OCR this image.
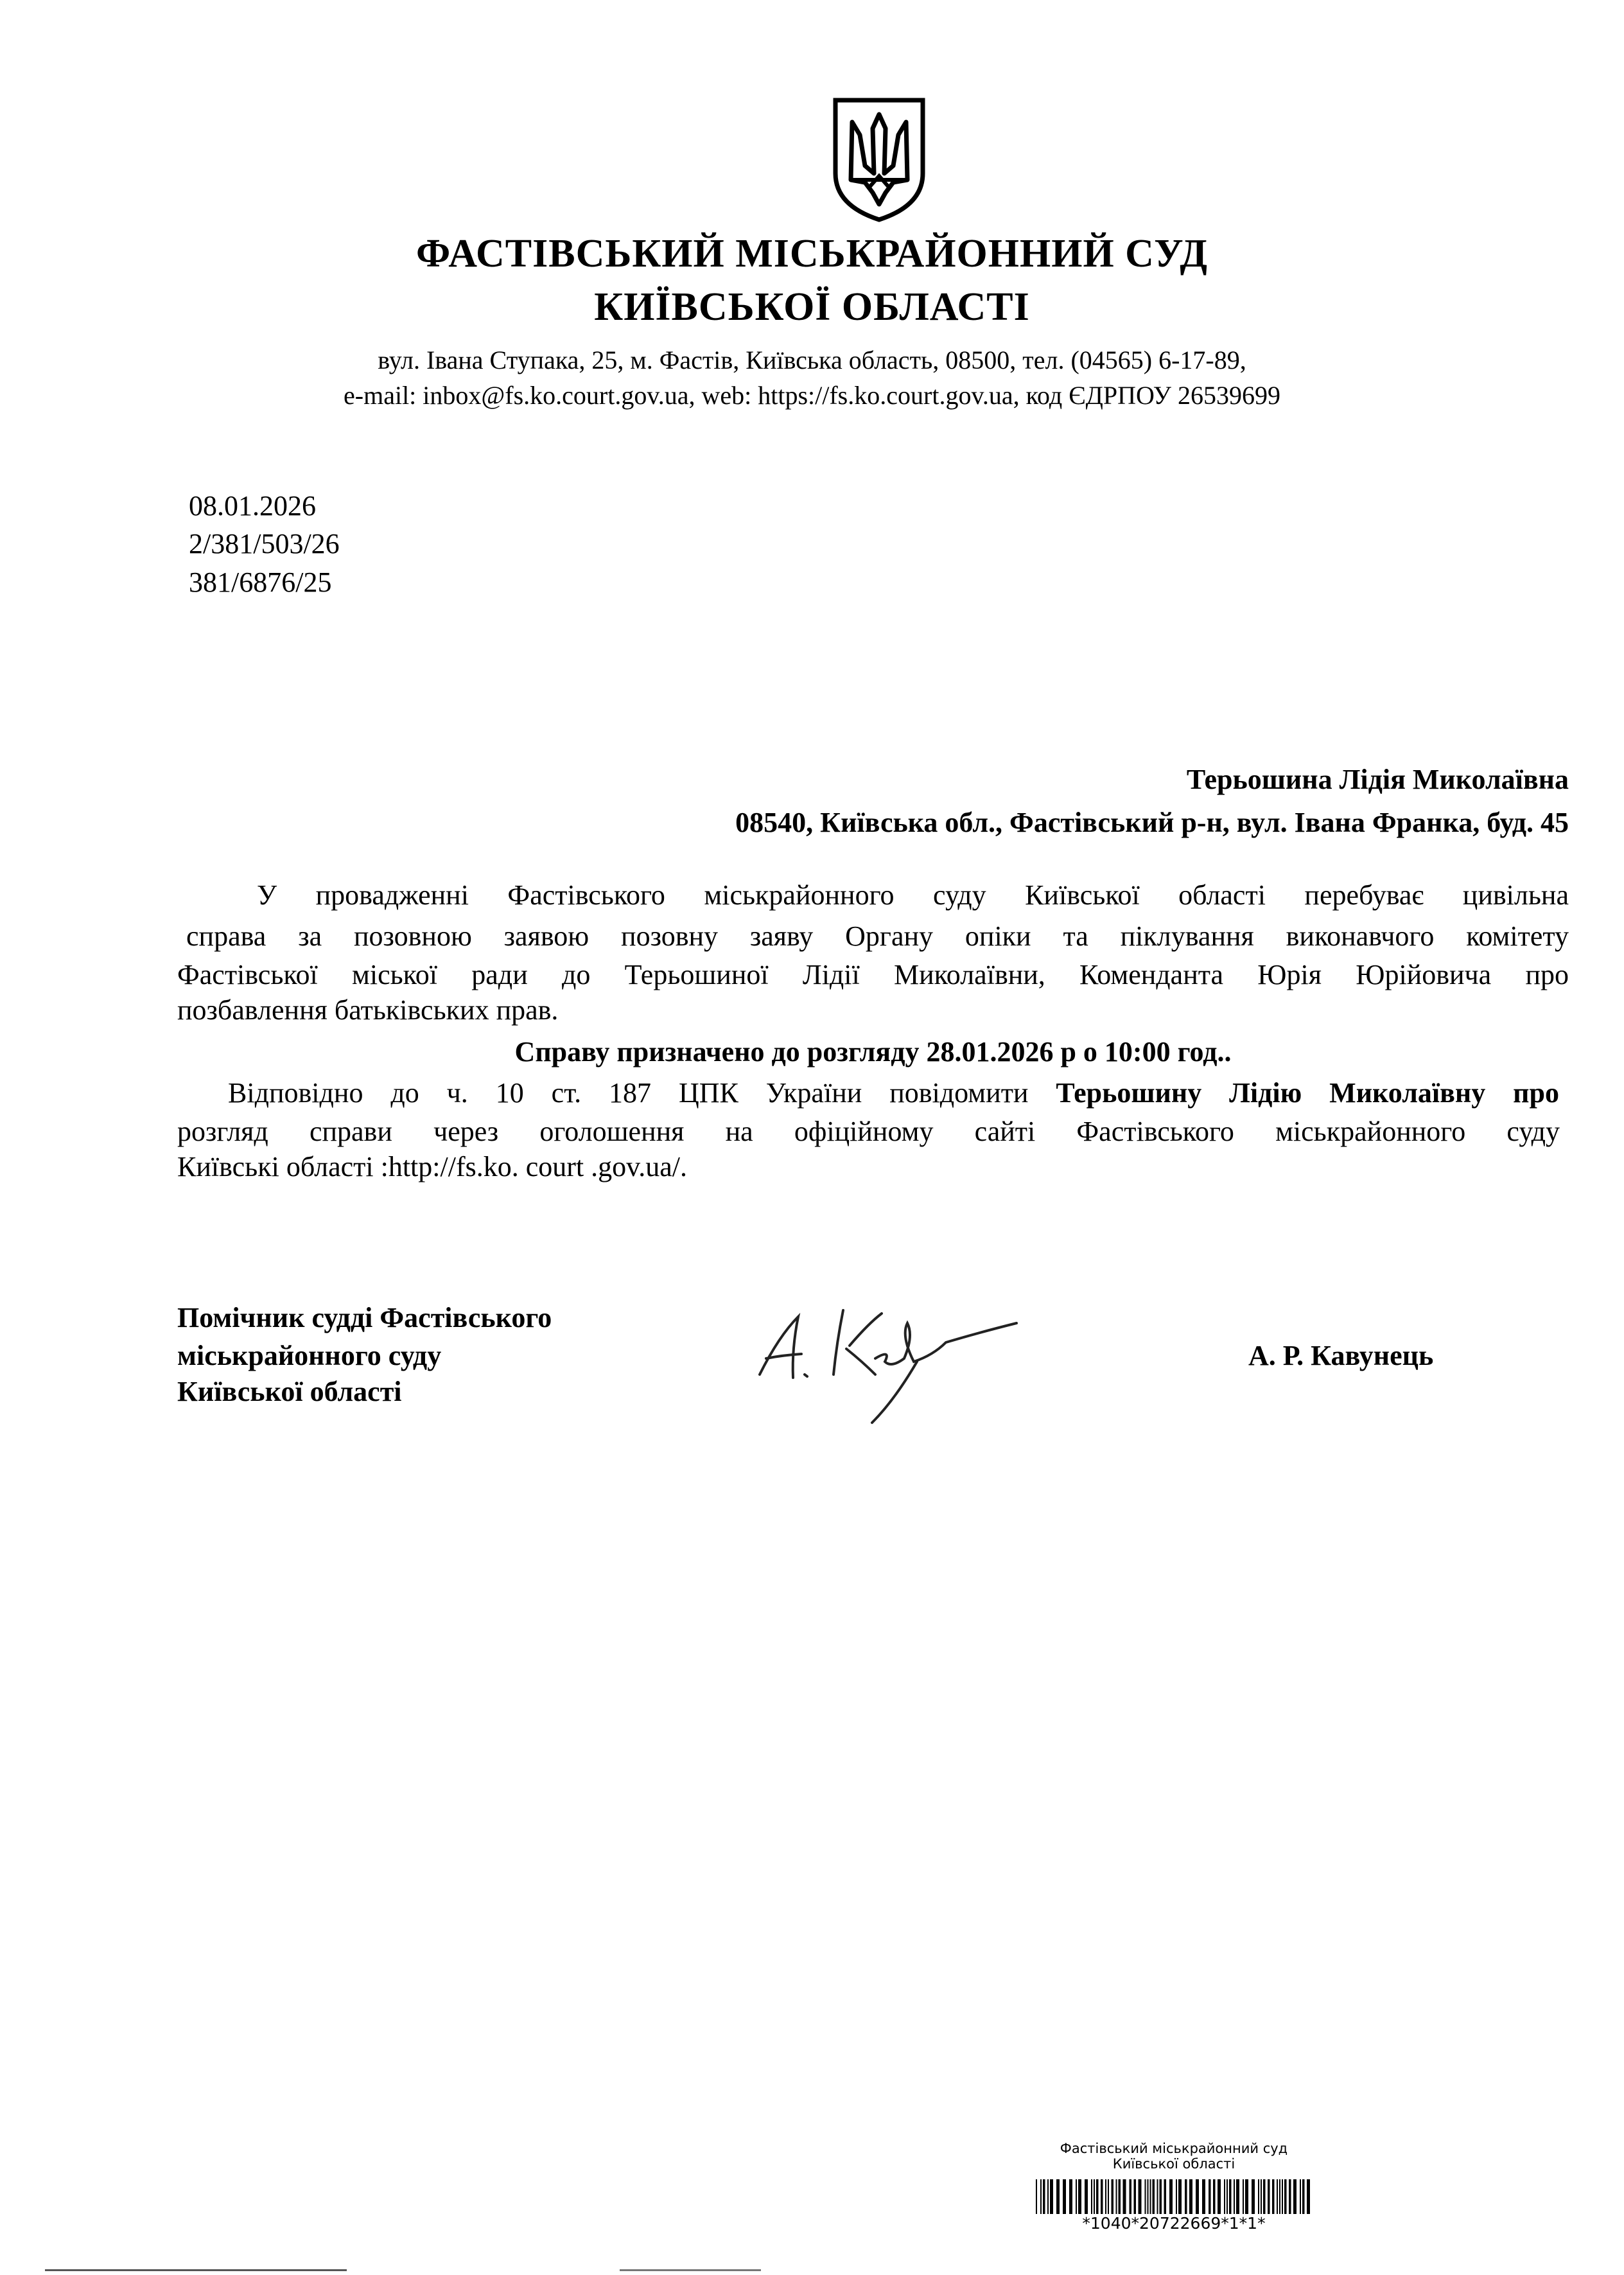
ФАСТІВСЬКИЙ МІСЬКРАЙОННИЙ СУД
КИЇВСЬКОЇ ОБЛАСТІ
вул. Івана Ступака, 25, м. Фастів, Київська область, 08500, тел. (04565) 6-17-89,
e-mail: inbox@fs.ko.court.gov.ua, web: https://fs.ko.court.gov.ua, код ЄДРПОУ 26539699
08.01.2026
2/381/503/26
381/6876/25
Терьошина Лідія Миколаївна
08540, Київська обл., Фастівський р-н, вул. Івана Франка, буд. 45
У провадженні Фастівського міськрайонного суду Київської області перебуває цивільна
справа за позовною заявою позовну заяву Органу опіки та піклування виконавчого комітету
Фастівської міської ради до Терьошиної Лідії Миколаївни, Коменданта Юрія Юрійовича про
позбавлення батьківських прав.
Справу призначено до розгляду 28.01.2026 р о 10:00 год..
Відповідно до ч. 10 ст. 187 ЦПК України повідомити Терьошину Лідію Миколаївну про
розгляд справи через оголошення на офіційному сайті Фастівського міськрайонного суду
Київські області :http://fs.ko. court .gov.ua/.
Помічник судді Фастівського
міськрайонного суду
Київської області
А. Р. Кавунець
Фастівський міськрайонний суд
Київської області
*1040*20722669*1*1*
